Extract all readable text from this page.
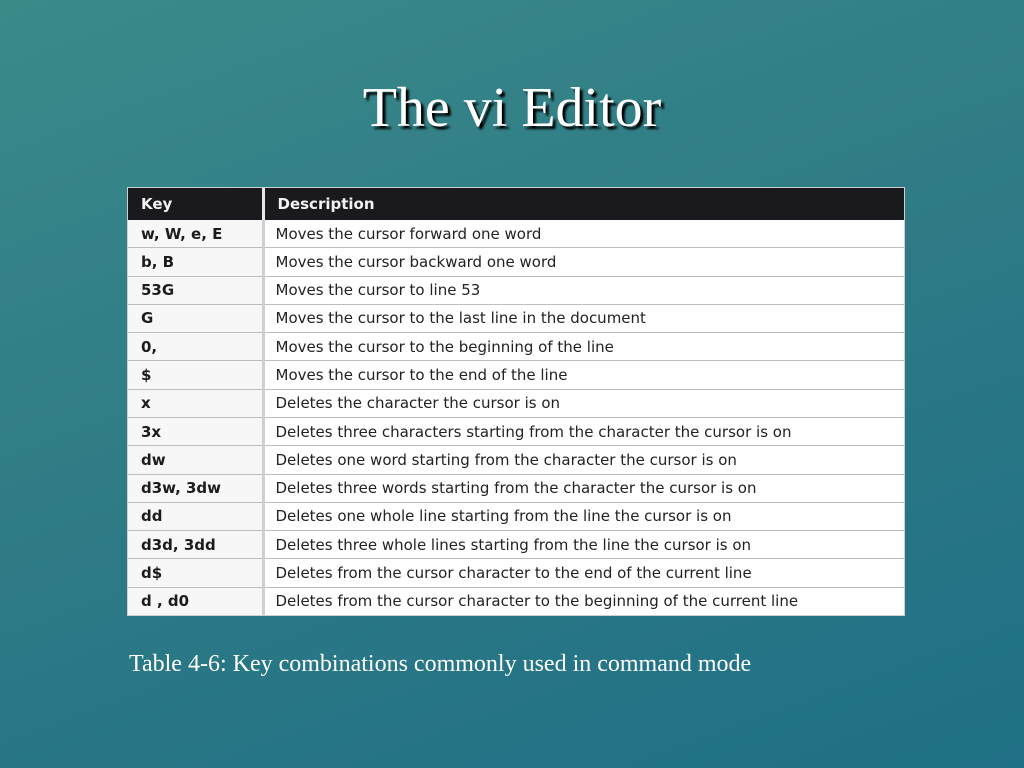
The vi Editor
Key	Description
w, W, e, E	Moves the cursor forward one word
b, B	Moves the cursor backward one word
53G	Moves the cursor to line 53
G	Moves the cursor to the last line in the document
0,	Moves the cursor to the beginning of the line
$	Moves the cursor to the end of the line
x	Deletes the character the cursor is on
3x	Deletes three characters starting from the character the cursor is on
dw	Deletes one word starting from the character the cursor is on
d3w, 3dw	Deletes three words starting from the character the cursor is on
dd	Deletes one whole line starting from the line the cursor is on
d3d, 3dd	Deletes three whole lines starting from the line the cursor is on
d$	Deletes from the cursor character to the end of the current line
d , d0	Deletes from the cursor character to the beginning of the current line
Table 4-6: Key combinations commonly used in command mode
